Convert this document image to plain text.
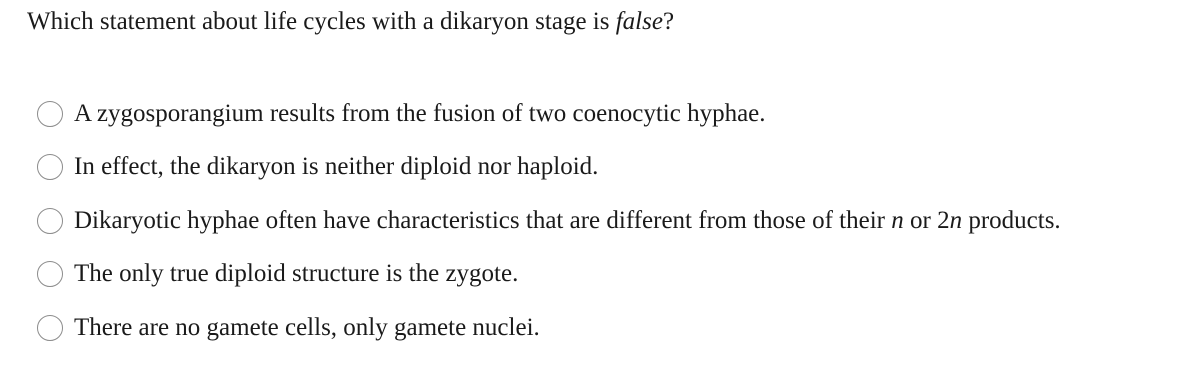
Which statement about life cycles with a dikaryon stage is false?
A zygosporangium results from the fusion of two coenocytic hyphae.
In effect, the dikaryon is neither diploid nor haploid.
Dikaryotic hyphae often have characteristics that are different from those of their n or 2n products.
The only true diploid structure is the zygote.
There are no gamete cells, only gamete nuclei.
